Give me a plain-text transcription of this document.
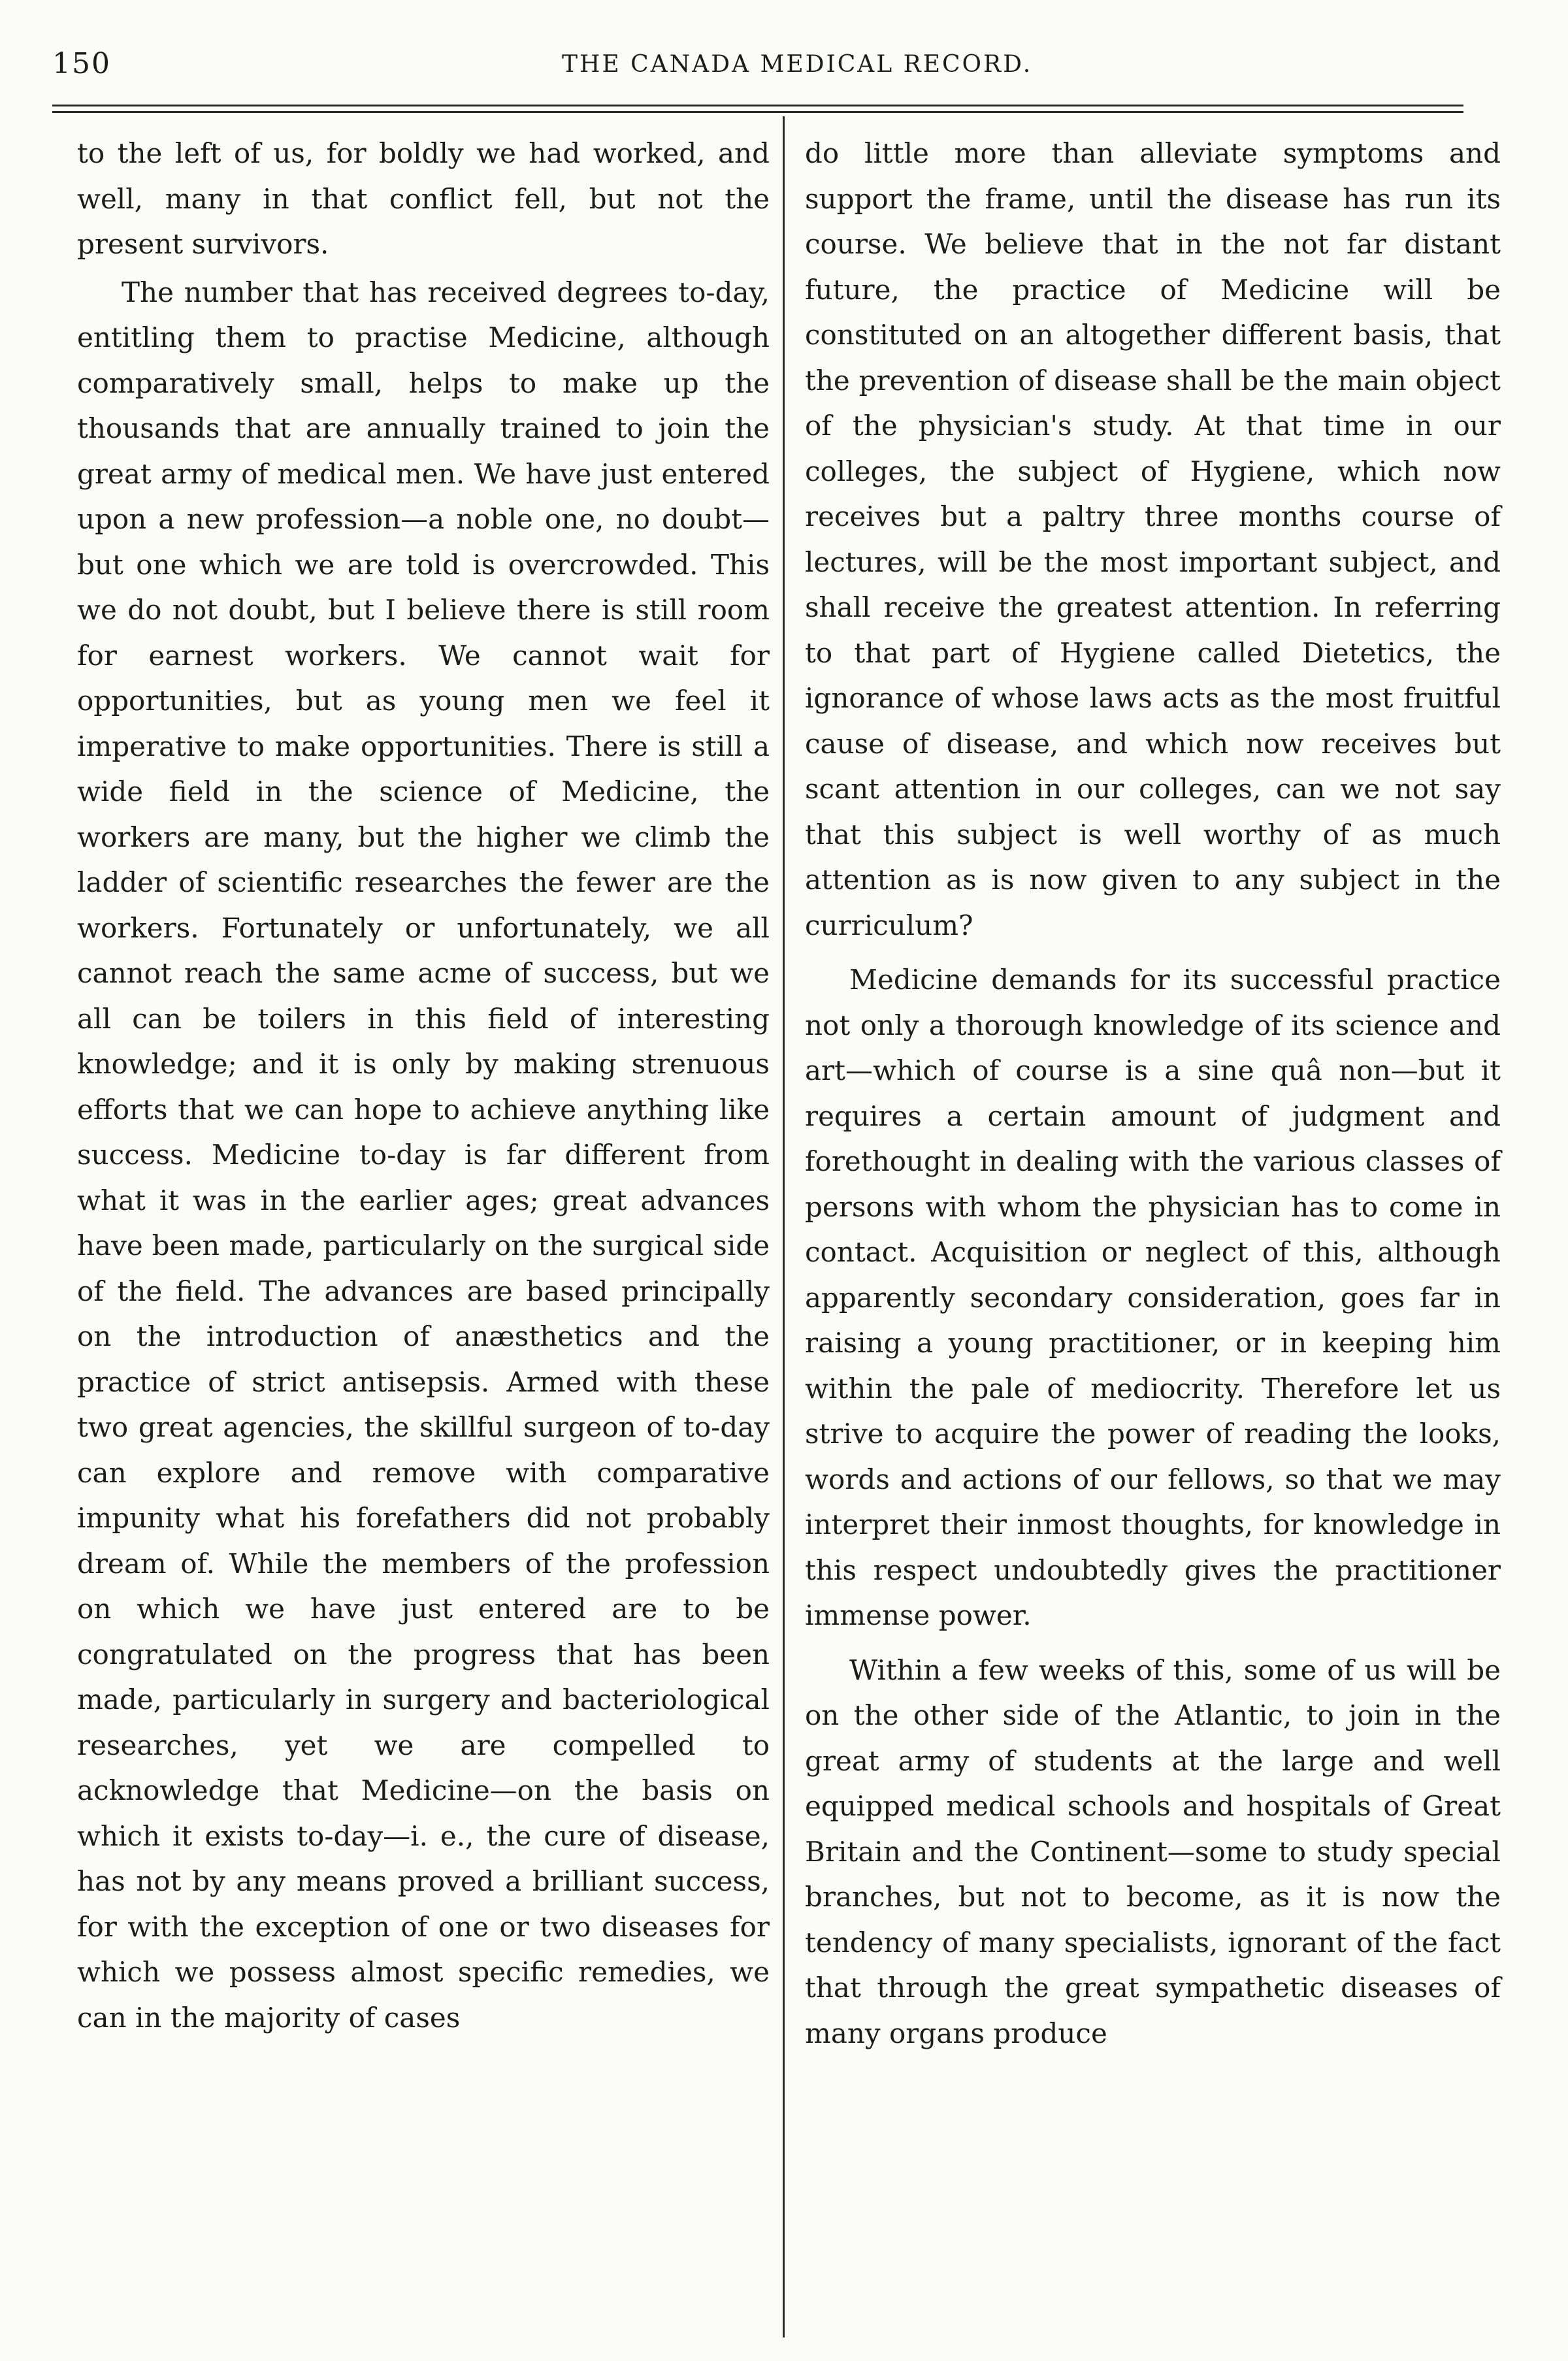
150	THE CANADA MEDICAL RECORD.

to the left of us, for boldly we had worked, and well, many in that conflict fell, but not the present survivors.

The number that has received degrees to-day, entitling them to practise Medicine, although comparatively small, helps to make up the thousands that are annually trained to join the great army of medical men. We have just entered upon a new profession—a noble one, no doubt—but one which we are told is overcrowded. This we do not doubt, but I believe there is still room for earnest workers. We cannot wait for opportunities, but as young men we feel it imperative to make opportunities. There is still a wide field in the science of Medicine, the workers are many, but the higher we climb the ladder of scientific researches the fewer are the workers. Fortunately or unfortunately, we all cannot reach the same acme of success, but we all can be toilers in this field of interesting knowledge; and it is only by making strenuous efforts that we can hope to achieve anything like success. Medicine to-day is far different from what it was in the earlier ages; great advances have been made, particularly on the surgical side of the field. The advances are based principally on the introduction of anæsthetics and the practice of strict antisepsis. Armed with these two great agencies, the skillful surgeon of to-day can explore and remove with comparative impunity what his forefathers did not probably dream of. While the members of the profession on which we have just entered are to be congratulated on the progress that has been made, particularly in surgery and bacteriological researches, yet we are compelled to acknowledge that Medicine—on the basis on which it exists to-day—i. e., the cure of disease, has not by any means proved a brilliant success, for with the exception of one or two diseases for which we possess almost specific remedies, we can in the majority of cases

do little more than alleviate symptoms and support the frame, until the disease has run its course. We believe that in the not far distant future, the practice of Medicine will be constituted on an altogether different basis, that the prevention of disease shall be the main object of the physician's study. At that time in our colleges, the subject of Hygiene, which now receives but a paltry three months course of lectures, will be the most important subject, and shall receive the greatest attention. In referring to that part of Hygiene called Dietetics, the ignorance of whose laws acts as the most fruitful cause of disease, and which now receives but scant attention in our colleges, can we not say that this subject is well worthy of as much attention as is now given to any subject in the curriculum?

Medicine demands for its successful practice not only a thorough knowledge of its science and art—which of course is a sine quâ non—but it requires a certain amount of judgment and forethought in dealing with the various classes of persons with whom the physician has to come in contact. Acquisition or neglect of this, although apparently secondary consideration, goes far in raising a young practitioner, or in keeping him within the pale of mediocrity. Therefore let us strive to acquire the power of reading the looks, words and actions of our fellows, so that we may interpret their inmost thoughts, for knowledge in this respect undoubtedly gives the practitioner immense power.

Within a few weeks of this, some of us will be on the other side of the Atlantic, to join in the great army of students at the large and well equipped medical schools and hospitals of Great Britain and the Continent—some to study special branches, but not to become, as it is now the tendency of many specialists, ignorant of the fact that through the great sympathetic diseases of many organs produce
